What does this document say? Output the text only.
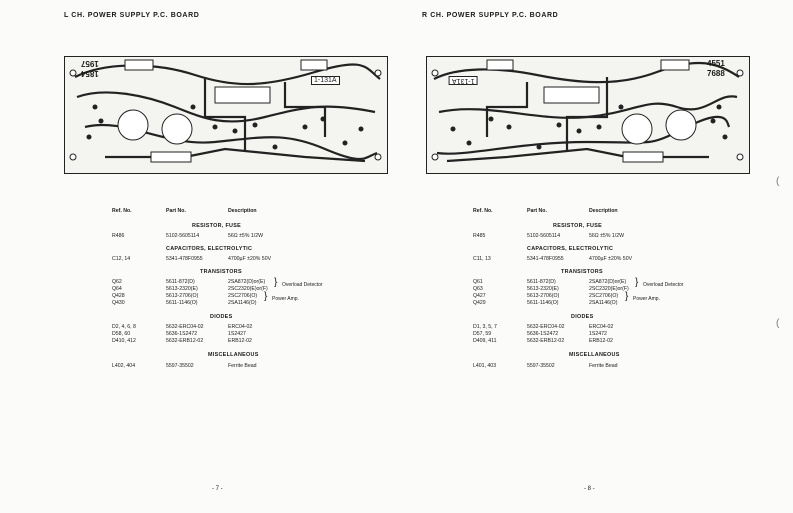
L CH. POWER SUPPLY P.C. BOARD
1957
1854
1-131A
Ref. No.	Part No.	Description
RESISTOR, FUSE
R486	5102-5605114	56Ω ±5% 1/2W
CAPACITORS, ELECTROLYTIC
C12, 14	5341-478F0955	4700µF ±20% 50V
TRANSISTORS
Q62	5611-872(D)	2SA872(D)or(E)
Q64	5613-2320(E)	2SC2320(E)or(F)
Q428	5613-2706(O)	2SC2706(O)
Q430	5611-1146(O)	2SA1146(O)
} Overload Detector
} Power Amp.
DIODES
D2, 4, 6, 8	5632-ERC04-02	ERC04-02
D58, 60	5636-1S2472	1S2427
D410, 412	5632-ERB12-02	ERB12-02
MISCELLANEOUS
L402, 404	5597-35502	Ferrite Bead
- 7 -
R CH. POWER SUPPLY P.C. BOARD
4551
7688
1-131A
Ref. No.	Part No.	Description
RESISTOR, FUSE
R485	5102-5605114	56Ω ±5% 1/2W
CAPACITORS, ELECTROLYTIC
C11, 13	5341-478F0955	4700µF ±20% 50V
TRANSISTORS
Q61	5611-872(D)	2SA872(D)or(E)
Q63	5613-2320(E)	2SC2320(E)or(F)
Q427	5613-2706(O)	2SC2706(O)
Q429	5611-1146(O)	2SA1146(O)
} Overload Detector
} Power Amp.
DIODES
D1, 3, 5, 7	5632-ERC04-02	ERC04-02
D57, 59	5636-1S2472	1S2472
D409, 411	5632-ERB12-02	ERB12-02
MISCELLANEOUS
L401, 403	5597-35502	Ferrite Bead
- 8 -
(
(
